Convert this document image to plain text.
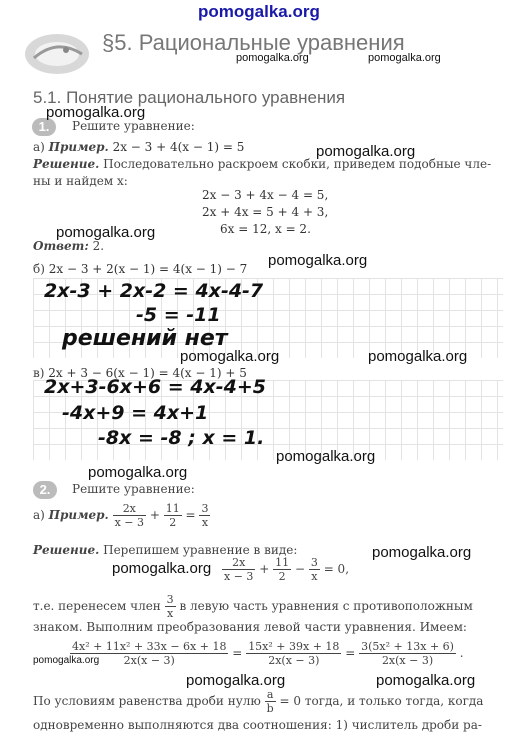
pomogalka.org
pomogalka.org	pomogalka.org
§5. Рациональные уравнения
5.1. Понятие рационального уравнения
1.
pomogalka.org
Решите уравнение:
а) Пример. 2x − 3 + 4(x − 1) = 5	pomogalka.org
Решение. Последовательно раскроем скобки, приведем подобные чле-
ны и найдем x:
2x − 3 + 4x − 4 = 5,
2x + 4x = 5 + 4 + 3,
6x = 12, x = 2.
pomogalka.org
Ответ: 2.
pomogalka.org
б) 2x − 3 + 2(x − 1) = 4(x − 1) − 7
2x-3 + 2x-2 = 4x-4-7
-5 = -11
решений нет
pomogalka.org	pomogalka.org
в) 2x + 3 − 6(x − 1) = 4(x − 1) + 5
2x+3-6x+6 = 4x-4+5
-4x+9 = 4x+1
-8x = -8 ; x = 1.
pomogalka.org
pomogalka.org
2.	Решите уравнение:
а) Пример. $\frac{2x}{x - 3} + \frac{11}{2} = \frac{3}{x}$
Решение. Перепишем уравнение в виде:	pomogalka.org
pomogalka.org $\frac{2x}{x - 3} + \frac{11}{2} - \frac{3}{x} = 0$,
т.е. перенесем член $\frac{3}{x}$ в левую часть уравнения с противоположным
знаком. Выполним преобразования левой части уравнения. Имеем:
$\frac{\text{4x² + 11x² + 33x − 6x + 18}}{2x(x - 3)} = \frac{\text{15x² + 39x + 18}}{2x(x - 3)} = \frac{\text{3(5x² + 13x + 6)}}{2x(x - 3)}$ .
pomogalka.org
pomogalka.org	pomogalka.org
По условиям равенства дроби нулю $\frac{a}{b} = 0$ тогда, и только тогда, когда
одновременно выполняются два соотношения: 1) числитель дроби ра-
